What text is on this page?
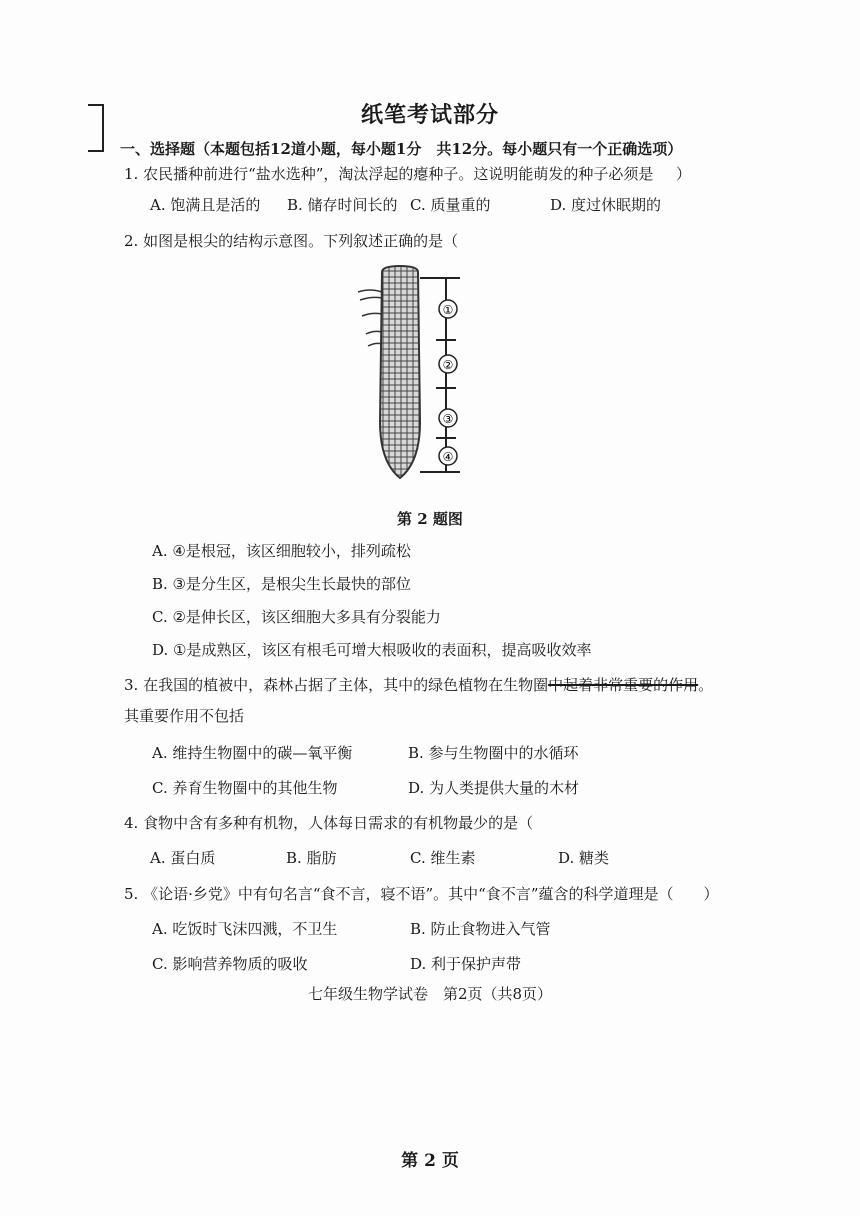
纸笔考试部分
一、选择题（本题包括12道小题，每小题1分　共12分。每小题只有一个正确选项）
1. 农民播种前进行“盐水选种”，淘汰浮起的瘪种子。这说明能萌发的种子必须是 ）
A. 饱满且是活的 B. 储存时间长的 C. 质量重的	D. 度过休眠期的
2. 如图是根尖的结构示意图。下列叙述正确的是（
①
②
③
④
第 2 题图
A. ④是根冠，该区细胞较小，排列疏松
B. ③是分生区，是根尖生长最快的部位
C. ②是伸长区，该区细胞大多具有分裂能力
D. ①是成熟区，该区有根毛可增大根吸收的表面积，提高吸收效率
3. 在我国的植被中，森林占据了主体，其中的绿色植物在生物圈中起着非常重要的作用。
其重要作用不包括
A. 维持生物圈中的碳—氧平衡	B. 参与生物圈中的水循环
C. 养育生物圈中的其他生物	D. 为人类提供大量的木材
4. 食物中含有多种有机物，人体每日需求的有机物最少的是（
A. 蛋白质	B. 脂肪	C. 维生素	D. 糖类
5. 《论语·乡党》中有句名言“食不言，寝不语”。其中“食不言”蕴含的科学道理是（　　）
A. 吃饭时飞沫四溅，不卫生	B. 防止食物进入气管
C. 影响营养物质的吸收	D. 利于保护声带
七年级生物学试卷　第2页（共8页）
第 2 页
